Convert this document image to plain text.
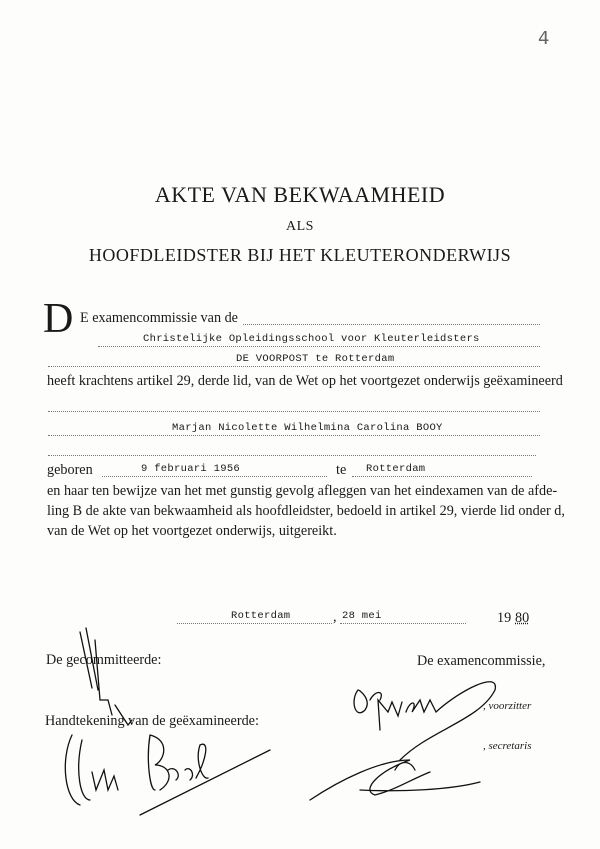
4
AKTE VAN BEKWAAMHEID
ALS
HOOFDLEIDSTER BIJ HET KLEUTERONDERWIJS
D E examencommissie van de
Christelijke Opleidingsschool voor Kleuterleidsters
DE VOORPOST te Rotterdam
heeft krachtens artikel 29, derde lid, van de Wet op het voortgezet onderwijs geëxamineerd
Marjan Nicolette Wilhelmina Carolina BOOY
geboren	9 februari 1956	te Rotterdam
en haar ten bewijze van het met gunstig gevolg afleggen van het eindexamen van de afde-
ling B de akte van bekwaamheid als hoofdleidster, bedoeld in artikel 29, vierde lid onder d,
van de Wet op het voortgezet onderwijs, uitgereikt.
Rotterdam	, 28 mei	19 80
De gecommitteerde:	De examencommissie,
, voorzitter
Handtekening van de geëxamineerde:
, secretaris
